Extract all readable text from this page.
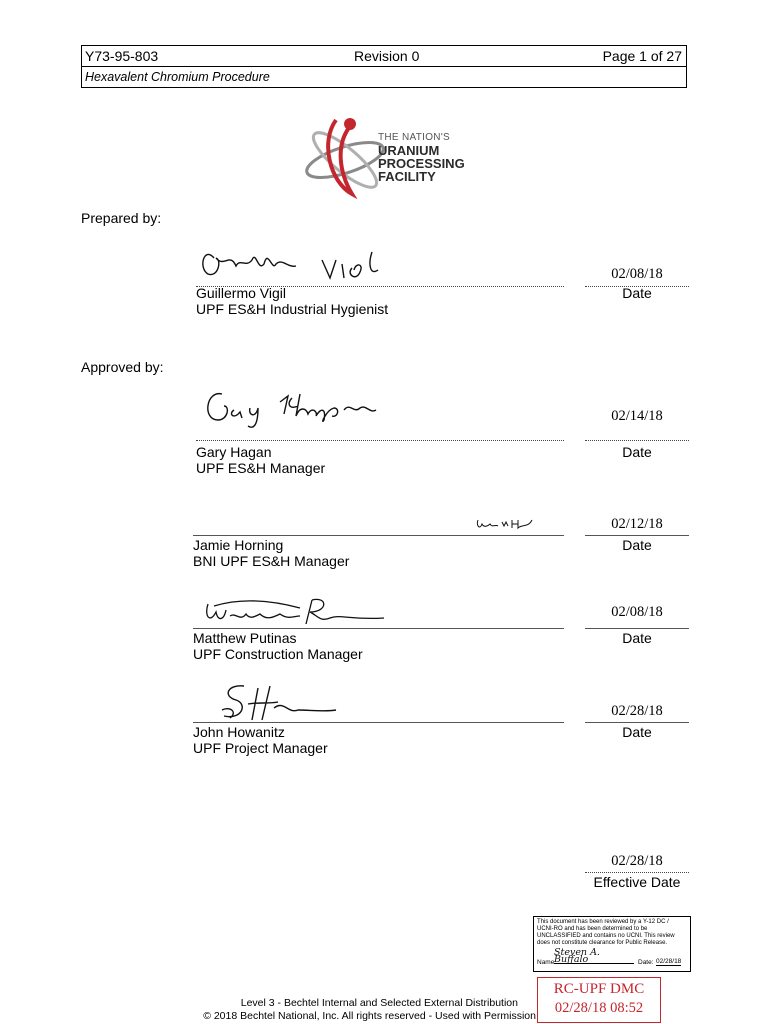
Y73-95-803	Revision 0	Page 1 of 27
Hexavalent Chromium Procedure
THE NATION'S
URANIUM
PROCESSING
FACILITY
Prepared by:
02/08/18
Date
Guillermo Vigil
UPF ES&H Industrial Hygienist
Approved by:
02/14/18
Date
Gary Hagan
UPF ES&H Manager
02/12/18
Date
Jamie Horning
BNI UPF ES&H Manager
02/08/18
Date
Matthew Putinas
UPF Construction Manager
02/28/18
Date
John Howanitz
UPF Project Manager
02/28/18
Effective Date
This document has been reviewed by a Y-12 DC / UCNI-RO and has been determined to be UNCLASSIFIED and contains no UCNI. This review does not constitute clearance for Public Release.
Name:
Steven A. Buffalo	Date: 02/28/18
RC-UPF DMC
02/28/18 08:52
Level 3 - Bechtel Internal and Selected External Distribution
© 2018 Bechtel National, Inc. All rights reserved - Used with Permission
